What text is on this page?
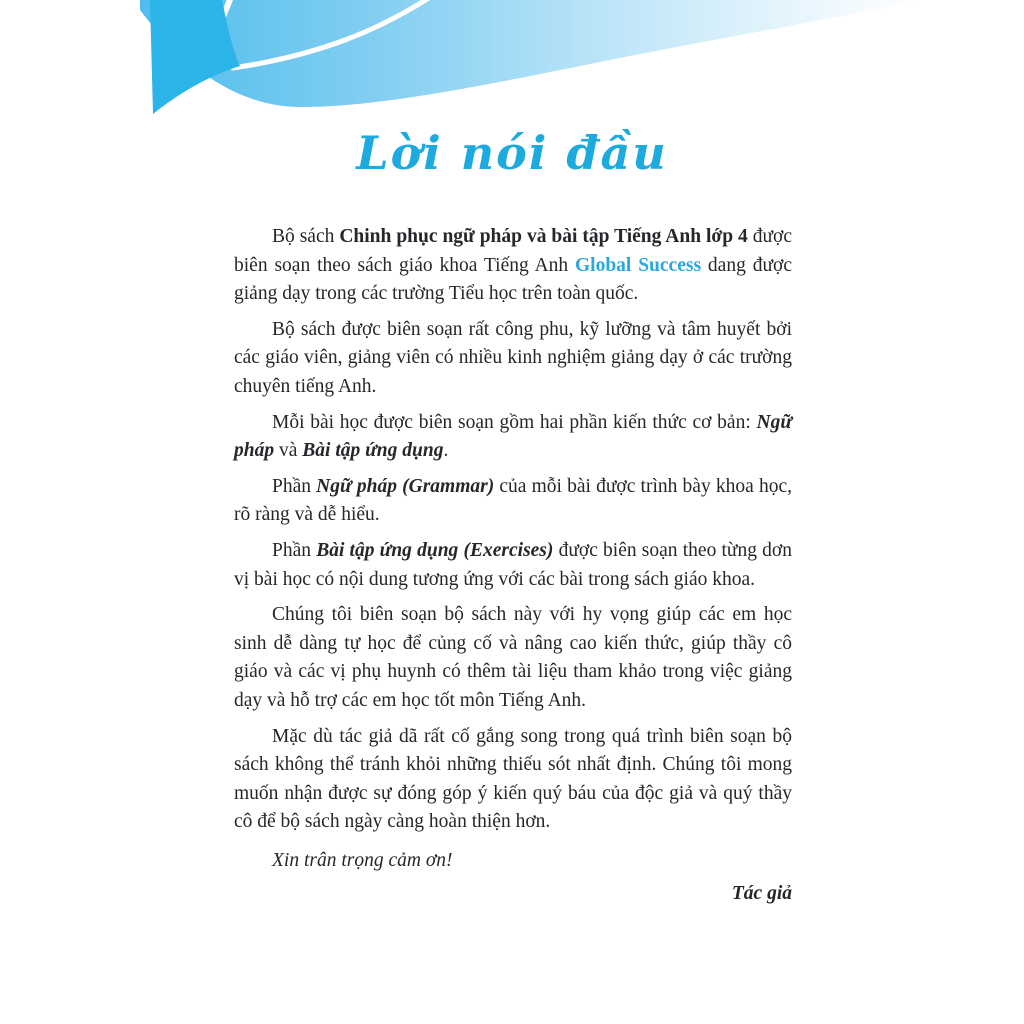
Lời nói đầu

Bộ sách Chinh phục ngữ pháp và bài tập Tiếng Anh lớp 4 được biên soạn theo sách giáo khoa Tiếng Anh Global Success dang được giảng dạy trong các trường Tiểu học trên toàn quốc.

Bộ sách được biên soạn rất công phu, kỹ lưỡng và tâm huyết bởi các giáo viên, giảng viên có nhiều kinh nghiệm giảng dạy ở các trường chuyên tiếng Anh.

Mỗi bài học được biên soạn gồm hai phần kiến thức cơ bản: Ngữ pháp và Bài tập ứng dụng.

Phần Ngữ pháp (Grammar) của mỗi bài được trình bày khoa học, rõ ràng và dễ hiểu.

Phần Bài tập ứng dụng (Exercises) được biên soạn theo từng dơn vị bài học có nội dung tương ứng với các bài trong sách giáo khoa.

Chúng tôi biên soạn bộ sách này với hy vọng giúp các em học sinh dễ dàng tự học để củng cố và nâng cao kiến thức, giúp thầy cô giáo và các vị phụ huynh có thêm tài liệu tham khảo trong việc giảng dạy và hỗ trợ các em học tốt môn Tiếng Anh.

Mặc dù tác giả dã rất cố gắng song trong quá trình biên soạn bộ sách không thể tránh khỏi những thiếu sót nhất định. Chúng tôi mong muốn nhận được sự đóng góp ý kiến quý báu của độc giả và quý thầy cô để bộ sách ngày càng hoàn thiện hơn.

Xin trân trọng cảm ơn!

Tác giả
